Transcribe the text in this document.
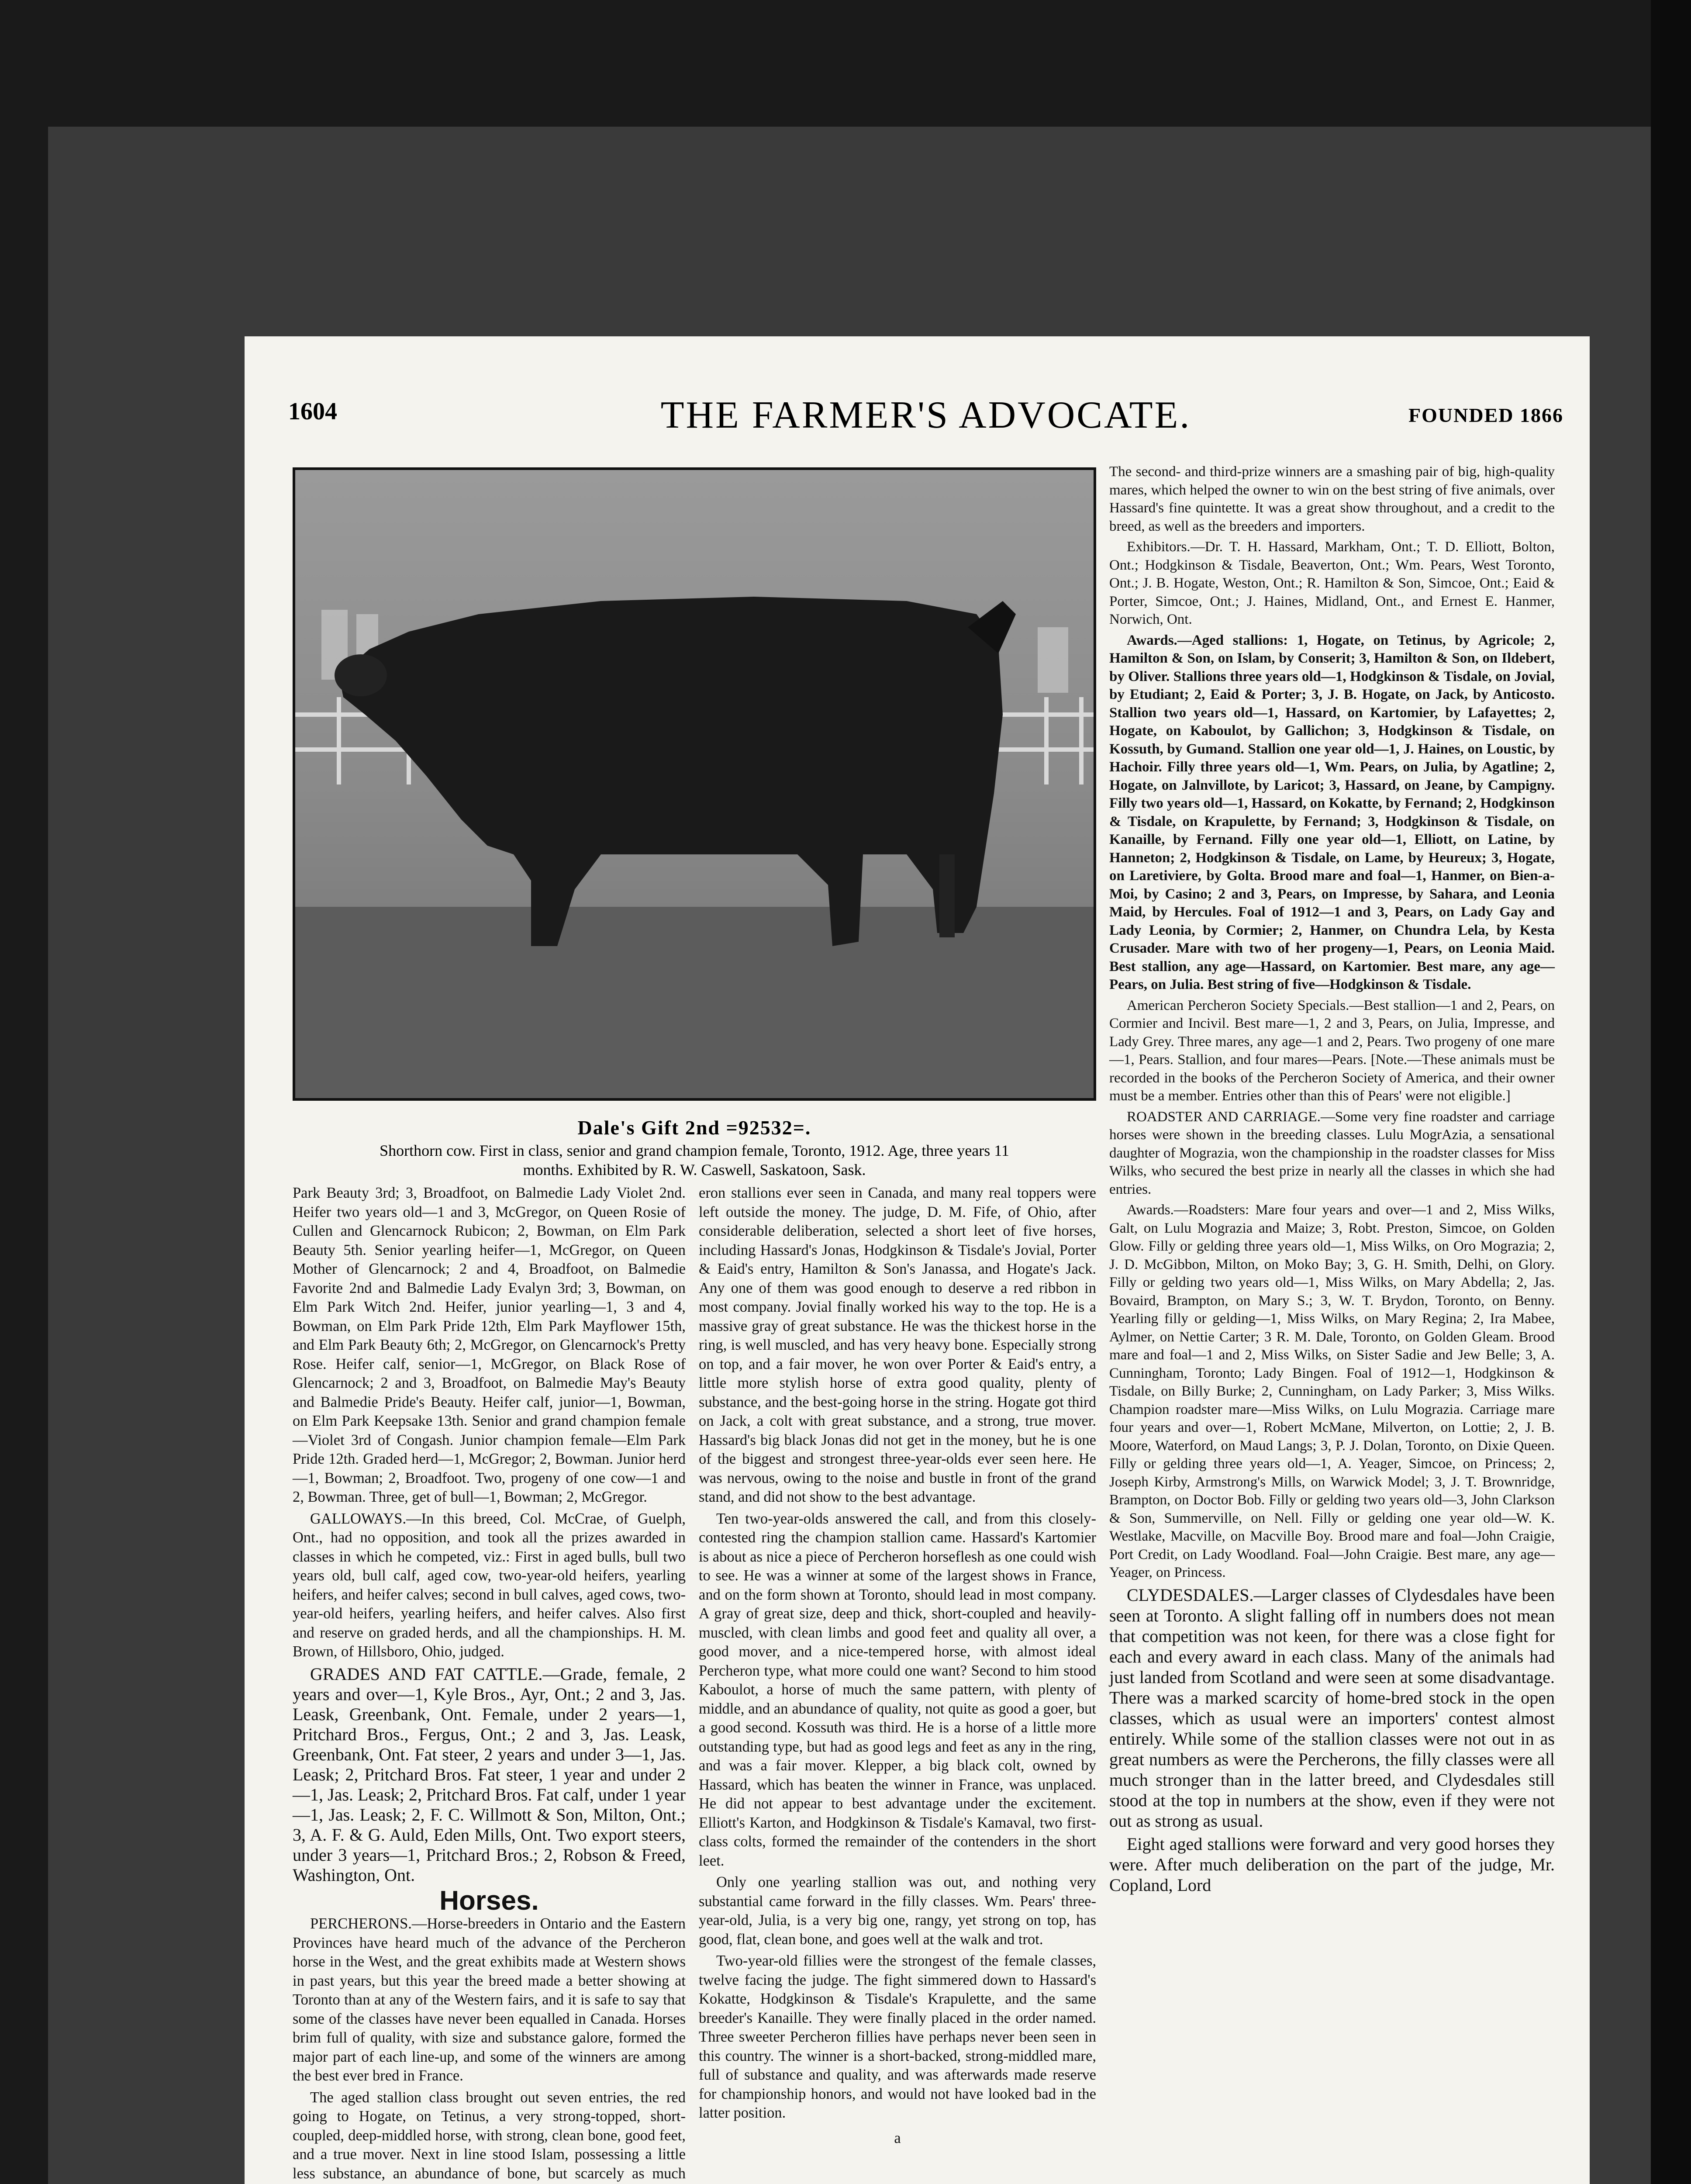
1604	THE FARMER'S ADVOCATE.	FOUNDED 1866
Dale's Gift 2nd =92532=.
Shorthorn cow. First in class, senior and grand champion female, Toronto, 1912. Age, three years 11
months. Exhibited by R. W. Caswell, Saskatoon, Sask.

Park Beauty 3rd; 3, Broadfoot, on Balmedie Lady Violet 2nd. Heifer two years old—1 and 3, McGregor, on Queen Rosie of Cullen and Glencarnock Rubicon; 2, Bowman, on Elm Park Beauty 5th. Senior yearling heifer—1, McGregor, on Queen Mother of Glencarnock; 2 and 4, Broadfoot, on Balmedie Favorite 2nd and Balmedie Lady Evalyn 3rd; 3, Bowman, on Elm Park Witch 2nd. Heifer, junior yearling—1, 3 and 4, Bowman, on Elm Park Pride 12th, Elm Park Mayflower 15th, and Elm Park Beauty 6th; 2, McGregor, on Glencarnock's Pretty Rose. Heifer calf, senior—1, McGregor, on Black Rose of Glencarnock; 2 and 3, Broadfoot, on Balmedie May's Beauty and Balmedie Pride's Beauty. Heifer calf, junior—1, Bowman, on Elm Park Keepsake 13th. Senior and grand champion female—Violet 3rd of Congash. Junior champion female—Elm Park Pride 12th. Graded herd—1, McGregor; 2, Bowman. Junior herd—1, Bowman; 2, Broadfoot. Two, progeny of one cow—1 and 2, Bowman. Three, get of bull—1, Bowman; 2, McGregor.

GALLOWAYS.—In this breed, Col. McCrae, of Guelph, Ont., had no opposition, and took all the prizes awarded in classes in which he competed, viz.: First in aged bulls, bull two years old, bull calf, aged cow, two-year-old heifers, yearling heifers, and heifer calves; second in bull calves, aged cows, two-year-old heifers, yearling heifers, and heifer calves. Also first and reserve on graded herds, and all the championships. H. M. Brown, of Hillsboro, Ohio, judged.

GRADES AND FAT CATTLE.—Grade, female, 2 years and over—1, Kyle Bros., Ayr, Ont.; 2 and 3, Jas. Leask, Greenbank, Ont. Female, under 2 years—1, Pritchard Bros., Fergus, Ont.; 2 and 3, Jas. Leask, Greenbank, Ont. Fat steer, 2 years and under 3—1, Jas. Leask; 2, Pritchard Bros. Fat steer, 1 year and under 2—1, Jas. Leask; 2, Pritchard Bros. Fat calf, under 1 year—1, Jas. Leask; 2, F. C. Willmott & Son, Milton, Ont.; 3, A. F. & G. Auld, Eden Mills, Ont. Two export steers, under 3 years—1, Pritchard Bros.; 2, Robson & Freed, Washington, Ont.

Horses.

PERCHERONS.—Horse-breeders in Ontario and the Eastern Provinces have heard much of the advance of the Percheron horse in the West, and the great exhibits made at Western shows in past years, but this year the breed made a better showing at Toronto than at any of the Western fairs, and it is safe to say that some of the classes have never been equalled in Canada. Horses brim full of quality, with size and substance galore, formed the major part of each line-up, and some of the winners are among the best ever bred in France.

The aged stallion class brought out seven entries, the red going to Hogate, on Tetinus, a very strong-topped, short-coupled, deep-middled horse, with strong, clean bone, good feet, and a true mover. Next in line stood Islam, possessing a little less substance, an abundance of bone, but scarcely as much

eron stallions ever seen in Canada, and many real toppers were left outside the money. The judge, D. M. Fife, of Ohio, after considerable deliberation, selected a short leet of five horses, including Hassard's Jonas, Hodgkinson & Tisdale's Jovial, Porter & Eaid's entry, Hamilton & Son's Janassa, and Hogate's Jack. Any one of them was good enough to deserve a red ribbon in most company. Jovial finally worked his way to the top. He is a massive gray of great substance. He was the thickest horse in the ring, is well muscled, and has very heavy bone. Especially strong on top, and a fair mover, he won over Porter & Eaid's entry, a little more stylish horse of extra good quality, plenty of substance, and the best-going horse in the string. Hogate got third on Jack, a colt with great substance, and a strong, true mover. Hassard's big black Jonas did not get in the money, but he is one of the biggest and strongest three-year-olds ever seen here. He was nervous, owing to the noise and bustle in front of the grand stand, and did not show to the best advantage.

Ten two-year-olds answered the call, and from this closely-contested ring the champion stallion came. Hassard's Kartomier is about as nice a piece of Percheron horseflesh as one could wish to see. He was a winner at some of the largest shows in France, and on the form shown at Toronto, should lead in most company. A gray of great size, deep and thick, short-coupled and heavily-muscled, with clean limbs and good feet and quality all over, a good mover, and a nice-tempered horse, with almost ideal Percheron type, what more could one want? Second to him stood Kaboulot, a horse of much the same pattern, with plenty of middle, and an abundance of quality, not quite as good a goer, but a good second. Kossuth was third. He is a horse of a little more outstanding type, but had as good legs and feet as any in the ring, and was a fair mover. Klepper, a big black colt, owned by Hassard, which has beaten the winner in France, was unplaced. He did not appear to best advantage under the excitement. Elliott's Karton, and Hodgkinson & Tisdale's Kamaval, two first-class colts, formed the remainder of the contenders in the short leet.

Only one yearling stallion was out, and nothing very substantial came forward in the filly classes. Wm. Pears' three-year-old, Julia, is a very big one, rangy, yet strong on top, has good, flat, clean bone, and goes well at the walk and trot.

Two-year-old fillies were the strongest of the female classes, twelve facing the judge. The fight simmered down to Hassard's Kokatte, Hodgkinson & Tisdale's Krapulette, and the same breeder's Kanaille. They were finally placed in the order named. Three sweeter Percheron fillies have perhaps never been seen in this country. The winner is a short-backed, strong-middled mare, full of substance and quality, and was afterwards made reserve for championship honors, and would not have looked bad in the latter position.

a

The second- and third-prize winners are a smashing pair of big, high-quality mares, which helped the owner to win on the best string of five animals, over Hassard's fine quintette. It was a great show throughout, and a credit to the breed, as well as the breeders and importers.

Exhibitors.—Dr. T. H. Hassard, Markham, Ont.; T. D. Elliott, Bolton, Ont.; Hodgkinson & Tisdale, Beaverton, Ont.; Wm. Pears, West Toronto, Ont.; J. B. Hogate, Weston, Ont.; R. Hamilton & Son, Simcoe, Ont.; Eaid & Porter, Simcoe, Ont.; J. Haines, Midland, Ont., and Ernest E. Hanmer, Norwich, Ont.

Awards.—Aged stallions: 1, Hogate, on Tetinus, by Agricole; 2, Hamilton & Son, on Islam, by Conserit; 3, Hamilton & Son, on Ildebert, by Oliver. Stallions three years old—1, Hodgkinson & Tisdale, on Jovial, by Etudiant; 2, Eaid & Porter; 3, J. B. Hogate, on Jack, by Anticosto. Stallion two years old—1, Hassard, on Kartomier, by Lafayettes; 2, Hogate, on Kaboulot, by Gallichon; 3, Hodgkinson & Tisdale, on Kossuth, by Gumand. Stallion one year old—1, J. Haines, on Loustic, by Hachoir. Filly three years old—1, Wm. Pears, on Julia, by Agatline; 2, Hogate, on Jalnvillote, by Laricot; 3, Hassard, on Jeane, by Campigny. Filly two years old—1, Hassard, on Kokatte, by Fernand; 2, Hodgkinson & Tisdale, on Krapulette, by Fernand; 3, Hodgkinson & Tisdale, on Kanaille, by Fernand. Filly one year old—1, Elliott, on Latine, by Hanneton; 2, Hodgkinson & Tisdale, on Lame, by Heureux; 3, Hogate, on Laretiviere, by Golta. Brood mare and foal—1, Hanmer, on Bien-a-Moi, by Casino; 2 and 3, Pears, on Impresse, by Sahara, and Leonia Maid, by Hercules. Foal of 1912—1 and 3, Pears, on Lady Gay and Lady Leonia, by Cormier; 2, Hanmer, on Chundra Lela, by Kesta Crusader. Mare with two of her progeny—1, Pears, on Leonia Maid. Best stallion, any age—Hassard, on Kartomier. Best mare, any age—Pears, on Julia. Best string of five—Hodgkinson & Tisdale.

American Percheron Society Specials.—Best stallion—1 and 2, Pears, on Cormier and Incivil. Best mare—1, 2 and 3, Pears, on Julia, Impresse, and Lady Grey. Three mares, any age—1 and 2, Pears. Two progeny of one mare—1, Pears. Stallion, and four mares—Pears. [Note.—These animals must be recorded in the books of the Percheron Society of America, and their owner must be a member. Entries other than this of Pears' were not eligible.]

ROADSTER AND CARRIAGE.—Some very fine roadster and carriage horses were shown in the breeding classes. Lulu MogrAzia, a sensational daughter of Mograzia, won the championship in the roadster classes for Miss Wilks, who secured the best prize in nearly all the classes in which she had entries.

Awards.—Roadsters: Mare four years and over—1 and 2, Miss Wilks, Galt, on Lulu Mograzia and Maize; 3, Robt. Preston, Simcoe, on Golden Glow. Filly or gelding three years old—1, Miss Wilks, on Oro Mograzia; 2, J. D. McGibbon, Milton, on Moko Bay; 3, G. H. Smith, Delhi, on Glory. Filly or gelding two years old—1, Miss Wilks, on Mary Abdella; 2, Jas. Bovaird, Brampton, on Mary S.; 3, W. T. Brydon, Toronto, on Benny. Yearling filly or gelding—1, Miss Wilks, on Mary Regina; 2, Ira Mabee, Aylmer, on Nettie Carter; 3 R. M. Dale, Toronto, on Golden Gleam. Brood mare and foal—1 and 2, Miss Wilks, on Sister Sadie and Jew Belle; 3, A. Cunningham, Toronto; Lady Bingen. Foal of 1912—1, Hodgkinson & Tisdale, on Billy Burke; 2, Cunningham, on Lady Parker; 3, Miss Wilks. Champion roadster mare—Miss Wilks, on Lulu Mograzia. Carriage mare four years and over—1, Robert McMane, Milverton, on Lottie; 2, J. B. Moore, Waterford, on Maud Langs; 3, P. J. Dolan, Toronto, on Dixie Queen. Filly or gelding three years old—1, A. Yeager, Simcoe, on Princess; 2, Joseph Kirby, Armstrong's Mills, on Warwick Model; 3, J. T. Brownridge, Brampton, on Doctor Bob. Filly or gelding two years old—3, John Clarkson & Son, Summerville, on Nell. Filly or gelding one year old—W. K. Westlake, Macville, on Macville Boy. Brood mare and foal—John Craigie, Port Credit, on Lady Woodland. Foal—John Craigie. Best mare, any age—Yeager, on Princess.

CLYDESDALES.—Larger classes of Clydesdales have been seen at Toronto. A slight falling off in numbers does not mean that competition was not keen, for there was a close fight for each and every award in each class. Many of the animals had just landed from Scotland and were seen at some disadvantage. There was a marked scarcity of home-bred stock in the open classes, which as usual were an importers' contest almost entirely. While some of the stallion classes were not out in as great numbers as were the Percherons, the filly classes were all much stronger than in the latter breed, and Clydesdales still stood at the top in numbers at the show, even if they were not out as strong as usual.

Eight aged stallions were forward and very good horses they were. After much deliberation on the part of the judge, Mr. Copland, Lord
